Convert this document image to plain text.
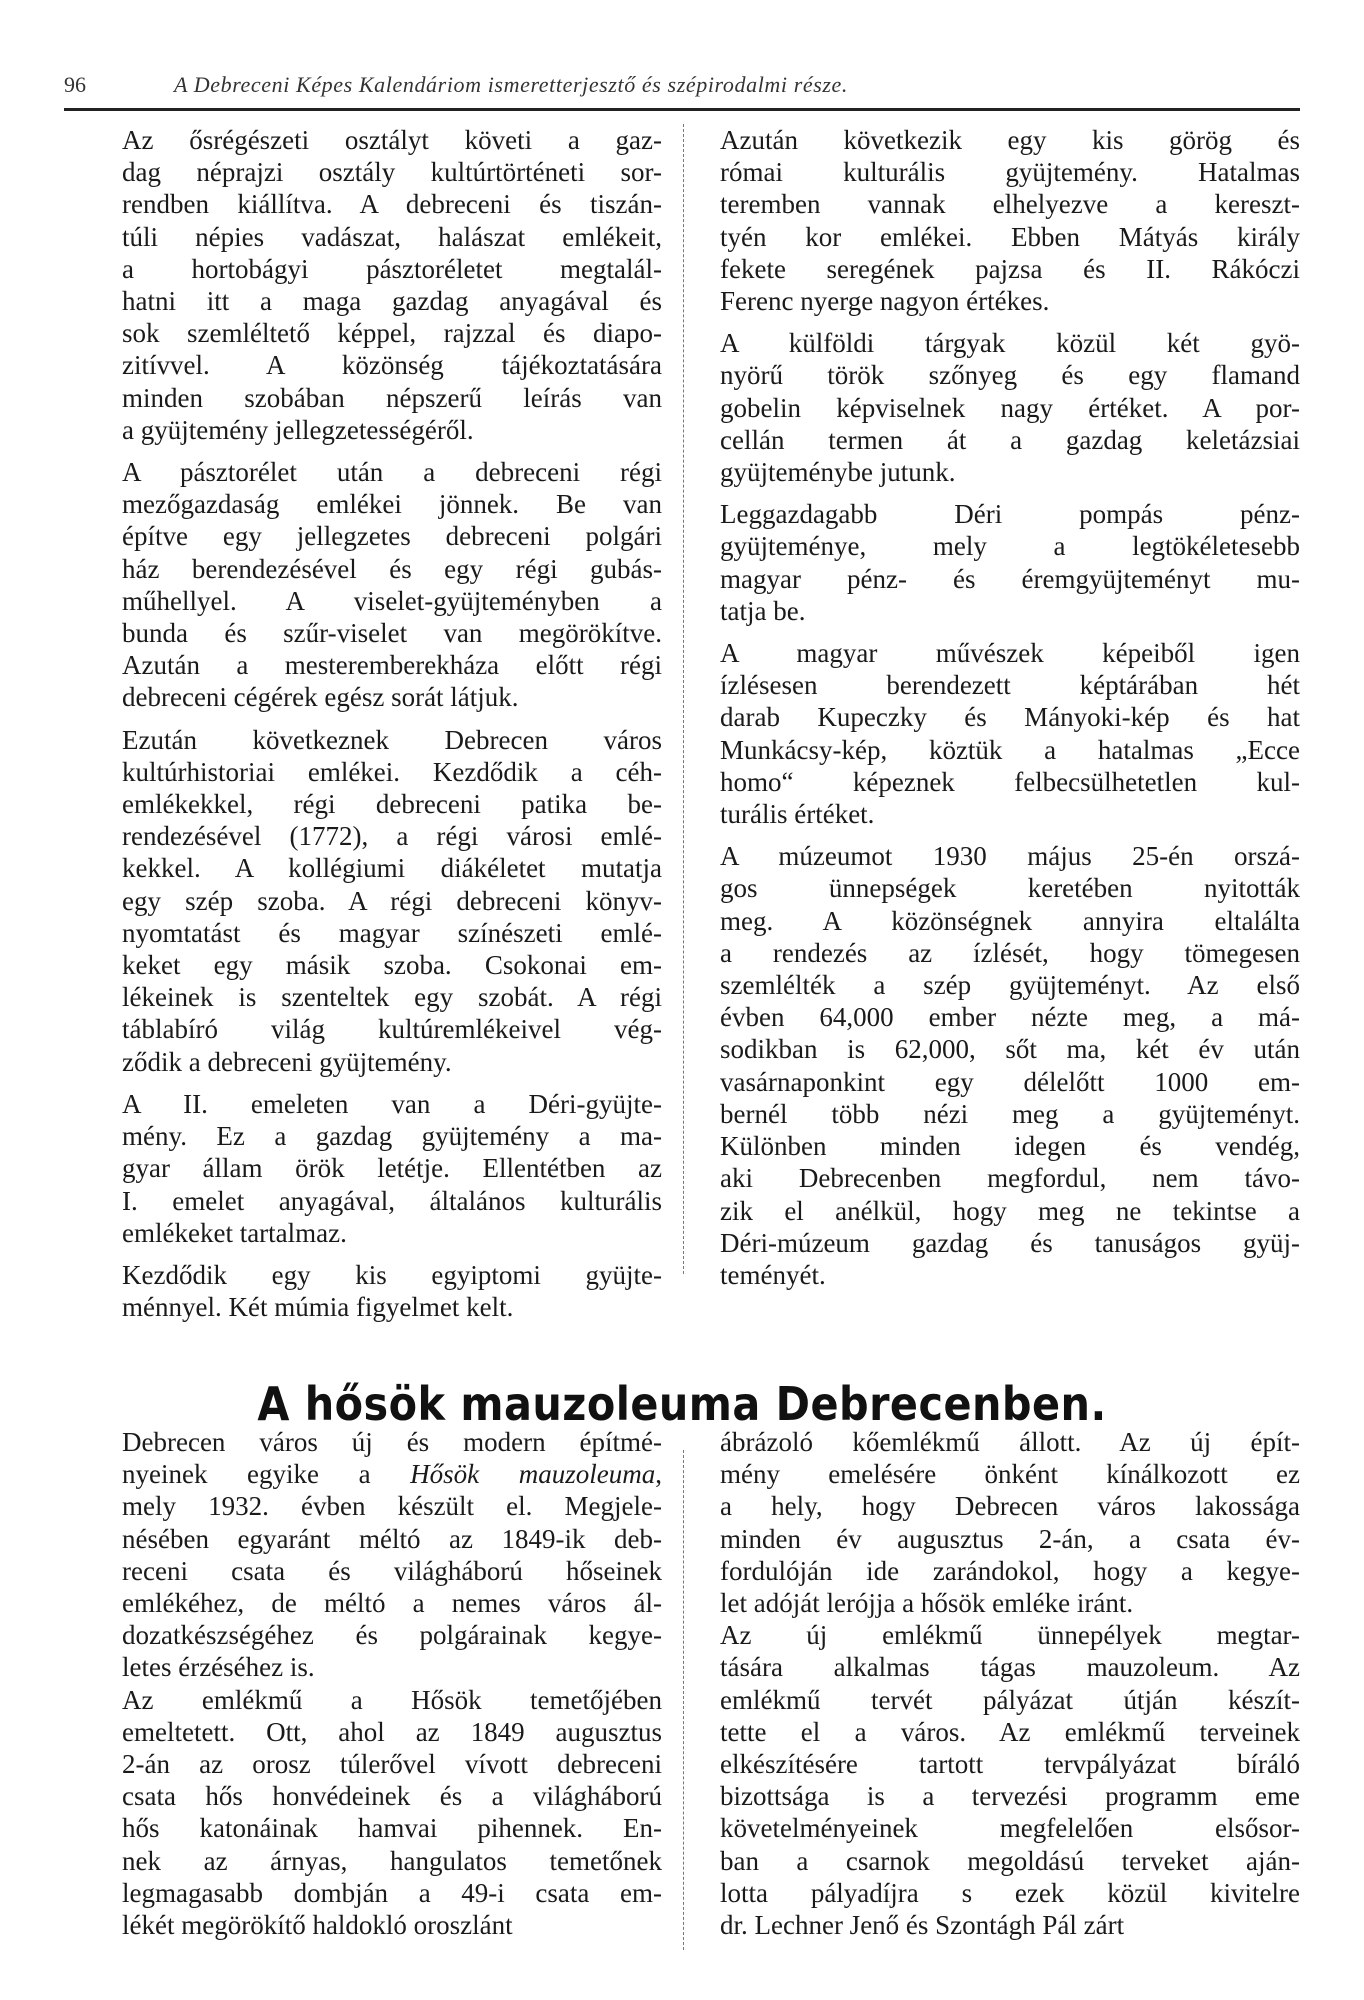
96	A Debreceni Képes Kalendáriom ismeretterjesztő és szépirodalmi része.
Az ősrégészeti osztályt követi a gaz-
dag néprajzi osztály kultúrtörténeti sor-
rendben kiállítva. A debreceni és tiszán-
túli népies vadászat, halászat emlékeit,
a hortobágyi pásztoréletet megtalál-
hatni itt a maga gazdag anyagával és
sok szemléltető képpel, rajzzal és diapo-
zitívvel. A közönség tájékoztatására
minden szobában népszerű leírás van
a gyüjtemény jellegzetességéről.
A pásztorélet után a debreceni régi
mezőgazdaság emlékei jönnek. Be van
építve egy jellegzetes debreceni polgári
ház berendezésével és egy régi gubás-
műhellyel. A viselet-gyüjteményben a
bunda és szűr-viselet van megörökítve.
Azután a mesteremberekháza előtt régi
debreceni cégérek egész sorát látjuk.
Ezután következnek Debrecen város
kultúrhistoriai emlékei. Kezdődik a céh-
emlékekkel, régi debreceni patika be-
rendezésével (1772), a régi városi emlé-
kekkel. A kollégiumi diákéletet mutatja
egy szép szoba. A régi debreceni könyv-
nyomtatást és magyar színészeti emlé-
keket egy másik szoba. Csokonai em-
lékeinek is szenteltek egy szobát. A régi
táblabíró világ kultúremlékeivel vég-
ződik a debreceni gyüjtemény.
A II. emeleten van a Déri-gyüjte-
mény. Ez a gazdag gyüjtemény a ma-
gyar állam örök letétje. Ellentétben az
I. emelet anyagával, általános kulturális
emlékeket tartalmaz.
Kezdődik egy kis egyiptomi gyüjte-
ménnyel. Két múmia figyelmet kelt.
Azután következik egy kis görög és
római kulturális gyüjtemény. Hatalmas
teremben vannak elhelyezve a kereszt-
tyén kor emlékei. Ebben Mátyás király
fekete seregének pajzsa és II. Rákóczi
Ferenc nyerge nagyon értékes.
A külföldi tárgyak közül két gyö-
nyörű török szőnyeg és egy flamand
gobelin képviselnek nagy értéket. A por-
cellán termen át a gazdag keletázsiai
gyüjteménybe jutunk.
Leggazdagabb Déri pompás pénz-
gyüjteménye, mely a legtökéletesebb
magyar pénz- és éremgyüjteményt mu-
tatja be.
A magyar művészek képeiből igen
ízlésesen berendezett képtárában hét
darab Kupeczky és Mányoki-kép és hat
Munkácsy-kép, köztük a hatalmas „Ecce
homo“ képeznek felbecsülhetetlen kul-
turális értéket.
A múzeumot 1930 május 25-én orszá-
gos ünnepségek keretében nyitották
meg. A közönségnek annyira eltalálta
a rendezés az ízlését, hogy tömegesen
szemlélték a szép gyüjteményt. Az első
évben 64,000 ember nézte meg, a má-
sodikban is 62,000, sőt ma, két év után
vasárnaponkint egy délelőtt 1000 em-
bernél több nézi meg a gyüjteményt.
Különben minden idegen és vendég,
aki Debrecenben megfordul, nem távo-
zik el anélkül, hogy meg ne tekintse a
Déri-múzeum gazdag és tanuságos gyüj-
teményét.
A hősök mauzoleuma Debrecenben.
Debrecen város új és modern építmé-
nyeinek egyike a Hősök mauzoleuma,
mely 1932. évben készült el. Megjele-
nésében egyaránt méltó az 1849-ik deb-
receni csata és világháború hőseinek
emlékéhez, de méltó a nemes város ál-
dozatkészségéhez és polgárainak kegye-
letes érzéséhez is.
Az emlékmű a Hősök temetőjében
emeltetett. Ott, ahol az 1849 augusztus
2-án az orosz túlerővel vívott debreceni
csata hős honvédeinek és a világháború
hős katonáinak hamvai pihennek. En-
nek az árnyas, hangulatos temetőnek
legmagasabb dombján a 49-i csata em-
lékét megörökítő haldokló oroszlánt
ábrázoló kőemlékmű állott. Az új épít-
mény emelésére önként kínálkozott ez
a hely, hogy Debrecen város lakossága
minden év augusztus 2-án, a csata év-
fordulóján ide zarándokol, hogy a kegye-
let adóját lerójja a hősök emléke iránt.
Az új emlékmű ünnepélyek megtar-
tására alkalmas tágas mauzoleum. Az
emlékmű tervét pályázat útján készít-
tette el a város. Az emlékmű terveinek
elkészítésére tartott tervpályázat bíráló
bizottsága is a tervezési programm eme
követelményeinek megfelelően elsősor-
ban a csarnok megoldású terveket aján-
lotta pályadíjra s ezek közül kivitelre
dr. Lechner Jenő és Szontágh Pál zárt
